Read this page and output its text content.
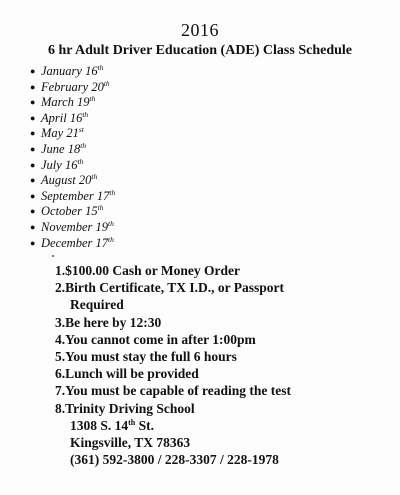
2016
6 hr Adult Driver Education (ADE) Class Schedule
● January 16th
● February 20th
● March 19th
● April 16th
● May 21st
● June 18th
● July 16th
● August 20th
● September 17th
● October 15th
● November 19th
● December 17th
1.$100.00 Cash or Money Order
2.Birth Certificate, TX I.D., or Passport
Required
3.Be here by 12:30
4.You cannot come in after 1:00pm
5.You must stay the full 6 hours
6.Lunch will be provided
7.You must be capable of reading the test
8.Trinity Driving School
1308 S. 14th St.
Kingsville, TX 78363
(361) 592-3800 / 228-3307 / 228-1978
